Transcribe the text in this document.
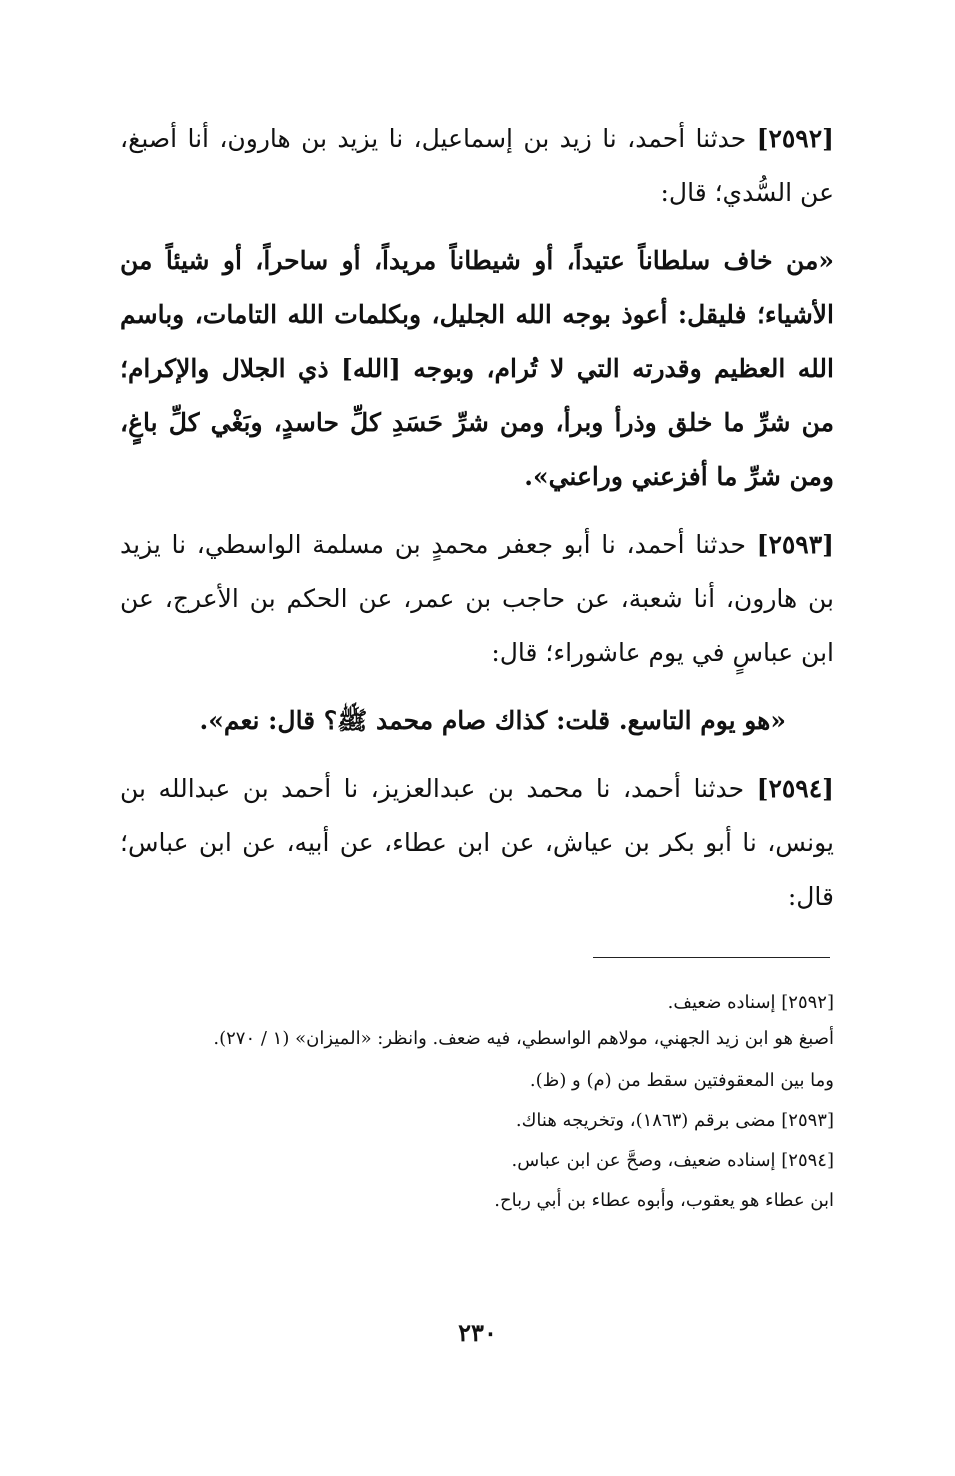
[٢٥٩٢] حدثنا أحمد، نا زيد بن إسماعيل، نا يزيد بن هارون، أنا أصبغ، عن السُّدي؛ قال:

«من خاف سلطاناً عتيداً، أو شيطاناً مريداً، أو ساحراً، أو شيئاً من الأشياء؛ فليقل: أعوذ بوجه الله الجليل، وبكلمات الله التامات، وباسم الله العظيم وقدرته التي لا تُرام، وبوجه [الله] ذي الجلال والإكرام؛ من شرِّ ما خلق وذرأ وبرأ، ومن شرِّ حَسَدِ كلِّ حاسدٍ، وبَغْي كلِّ باغٍ، ومن شرِّ ما أفزعني وراعني».

[٢٥٩٣] حدثنا أحمد، نا أبو جعفر محمدٍ بن مسلمة الواسطي، نا يزيد بن هارون، أنا شعبة، عن حاجب بن عمر، عن الحكم بن الأعرج، عن ابن عباسٍ في يوم عاشوراء؛ قال:

«هو يوم التاسع. قلت: كذاك صام محمد ﷺ؟ قال: نعم».

[٢٥٩٤] حدثنا أحمد، نا محمد بن عبدالعزيز، نا أحمد بن عبدالله بن يونس، نا أبو بكر بن عياش، عن ابن عطاء، عن أبيه، عن ابن عباس؛ قال:

[٢٥٩٢] إسناده ضعيف.
أصبغ هو ابن زيد الجهني، مولاهم الواسطي، فيه ضعف. وانظر: «الميزان» (١ / ٢٧٠).
وما بين المعقوفتين سقط من (م) و (ظ).
[٢٥٩٣] مضى برقم (١٨٦٣)، وتخريجه هناك.
[٢٥٩٤] إسناده ضعيف، وصحَّ عن ابن عباس.
ابن عطاء هو يعقوب، وأبوه عطاء بن أبي رباح.
٢٣٠
